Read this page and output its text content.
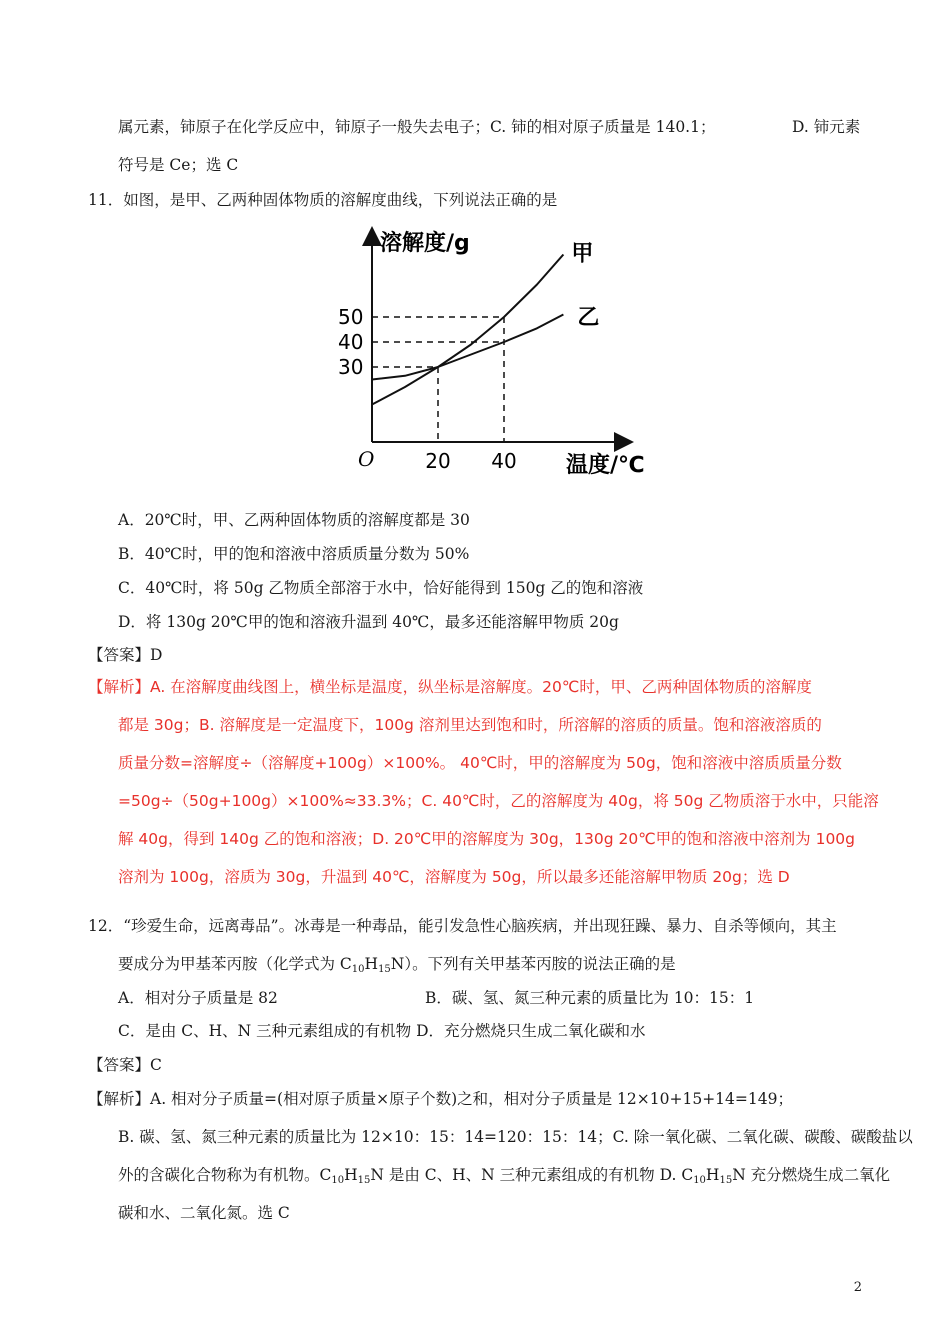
属元素，铈原子在化学反应中，铈原子一般失去电子；C. 铈的相对原子质量是 140.1；	D. 铈元素
符号是 Ce；选 C
11．如图，是甲、乙两种固体物质的溶解度曲线，下列说法正确的是
30
40
50
20 40
溶解度/g
温度/℃
O
甲
乙
A．20℃时，甲、乙两种固体物质的溶解度都是 30
B．40℃时，甲的饱和溶液中溶质质量分数为 50%
C．40℃时，将 50g 乙物质全部溶于水中，恰好能得到 150g 乙的饱和溶液
D．将 130g 20℃甲的饱和溶液升温到 40℃，最多还能溶解甲物质 20g
【答案】D
【解析】A. 在溶解度曲线图上，横坐标是温度，纵坐标是溶解度。20℃时，甲、乙两种固体物质的溶解度
都是 30g；B. 溶解度是一定温度下，100g 溶剂里达到饱和时，所溶解的溶质的质量。饱和溶液溶质的
质量分数=溶解度÷（溶解度+100g）×100%。 40℃时，甲的溶解度为 50g，饱和溶液中溶质质量分数
=50g÷（50g+100g）×100%≈33.3%；C. 40℃时，乙的溶解度为 40g，将 50g 乙物质溶于水中，只能溶
解 40g，得到 140g 乙的饱和溶液；D. 20℃甲的溶解度为 30g，130g 20℃甲的饱和溶液中溶剂为 100g
溶剂为 100g，溶质为 30g，升温到 40℃，溶解度为 50g，所以最多还能溶解甲物质 20g；选 D
12．“珍爱生命，远离毒品”。冰毒是一种毒品，能引发急性心脑疾病，并出现狂躁、暴力、自杀等倾向，其主
要成分为甲基苯丙胺（化学式为 $C_{10}H_{15}N$）。下列有关甲基苯丙胺的说法正确的是
A．相对分子质量是 82	B．碳、氢、氮三种元素的质量比为 10：15：1
C．是由 C、H、N 三种元素组成的有机物 D．充分燃烧只生成二氧化碳和水
【答案】C
【解析】A. 相对分子质量=(相对原子质量×原子个数)之和，相对分子质量是 12×10+15+14=149；
B. 碳、氢、氮三种元素的质量比为 12×10：15：14=120：15：14；C. 除一氧化碳、二氧化碳、碳酸、碳酸盐以
外的含碳化合物称为有机物。$C_{10}H_{15}N$ 是由 C、H、N 三种元素组成的有机物 D. $C_{10}H_{15}N$ 充分燃烧生成二氧化
碳和水、二氧化氮。选 C
2
